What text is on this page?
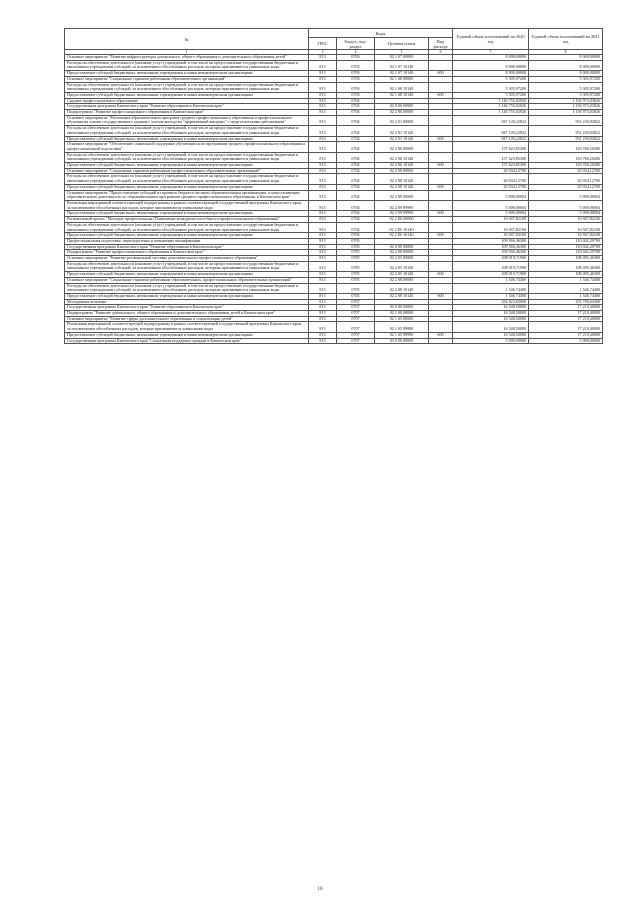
№	Коды				Годовой объем ассигнований на 2020 год	Годовой объем ассигнований на 2021 год
	ГРБС	Раздел, под-раздел	Целевая статья	Вид расхода		
1	3	4	5	6	7	8
Основное мероприятие "Развитие инфраструктуры дошкольного, общего образования и дополнительного образования детей"	813	0703	02 1 07 00000		8 000,00000	8 000,00000
Расходы на обеспечение деятельности (оказание услуг) учреждений, в том числе на предоставление государственным бюджетным и автономным учреждениям субсидий, за исключением обособленных расходов, которым присваиваются уникальные коды	813	0703	02 1 07 10140		8 000,00000	8 000,00000
Предоставление субсидий бюджетным, автономным учреждениям и иным некоммерческим организациям	813	0703	02 1 07 10140	600	8 000,00000	8 000,00000
Основное мероприятие "Социальные гарантии работникам образовательных организаций"	813	0703	02 1 08 00000		5 305,97200	5 305,97200
Расходы на обеспечение деятельности (оказание услуг) учреждений, в том числе на предоставление государственным бюджетным и автономным учреждениям субсидий, за исключением обособленных расходов, которым присваиваются уникальные коды	813	0703	02 1 08 10140		5 305,97200	5 305,97200
Предоставление субсидий бюджетным, автономным учреждениям и иным некоммерческим организациям	813	0703	02 1 08 10140	600	5 305,97200	5 305,97200
Среднее профессиональное образование	813	0704			1 146 755,02926	1 156 973,03826
Государственная программа Камчатского края "Развитие образования в Камчатском крае"	813	0704	02 0 00 00000		1 146 755,02926	1 156 973,03826
Подпрограмма "Развитие профессионального образования в Камчатском крае"	813	0704	02 2 00 00000		1 146 755,02926	1 156 973,03826
Основное мероприятие "Реализация образовательных программ среднего профессионального образования и профессионального обучения на основе государственного задания с учетом выхода на "эффективный контракт" с педагогическими работниками"	813	0704	02 2 01 00000		947 149,22822	951 230,83822
Расходы на обеспечение деятельности (оказание услуг) учреждений, в том числе на предоставление государственным бюджетным и автономным учреждениям субсидий, за исключением обособленных расходов, которым присваиваются уникальные коды	813	0704	02 2 01 10140		947 149,22822	951 230,83822
Предоставление субсидий бюджетным, автономным учреждениям и иным некоммерческим организациям	813	0704	02 2 01 10140	600	947 149,22822	951 230,83822
Основное мероприятие "Обеспечение социальной поддержки обучающихся по программам среднего профессионального образования и профессиональной подготовки"	813	0704	02 2 06 00000		157 623,85300	163 760,20200
Расходы на обеспечение деятельности (оказание услуг) учреждений, в том числе на предоставление государственным бюджетным и автономным учреждениям субсидий, за исключением обособленных расходов, которым присваиваются уникальные коды	813	0704	02 2 06 10140		157 623,85300	163 760,20200
Предоставление субсидий бюджетным, автономным учреждениям и иным некоммерческим организациям	813	0704	02 2 06 10140	600	157 623,85300	163 760,20200
Основное мероприятие "Социальные гарантии работникам профессиональных образовательных организаций"	813	0704	02 2 08 00000		20 034,12700	20 034,12700
Расходы на обеспечение деятельности (оказание услуг) учреждений, в том числе на предоставление государственным бюджетным и автономным учреждениям субсидий, за исключением обособленных расходов, которым присваиваются уникальные коды	813	0704	02 2 08 10140		20 034,12700	20 034,12700
Предоставление субсидий бюджетным, автономным учреждениям и иным некоммерческим организациям	813	0704	02 2 08 10140	600	20 034,12700	20 034,12700
Основное мероприятие "Предоставление субсидий из краевого бюджета частным образовательным организациям, осуществляющим образовательную деятельность по образовательным программам среднего профессионального образования, в Камчатском крае"	813	0704	02 2 09 00000		5 000,00004	5 000,00004
Реализация мероприятий соответствующей подпрограммы в рамках соответствующей государственной программы Камчатского края, за исключением обособленных расходов, которые присваиваются уникальные коды	813	0704	02 2 09 99990		5 000,00004	5 000,00004
Предоставление субсидий бюджетным, автономным учреждениям и иным некоммерческим организациям	813	0704	02 2 09 99990	600	5 000,00004	5 000,00004
Региональный проект "Молодые профессионалы (Повышение конкурентоспособности профессионального образования)"	813	0704	02 2 E6 00000		16 947,82100	16 947,82100
Расходы на обеспечение деятельности (оказание услуг) учреждений, в том числе на предоставление государственным бюджетным и автономным учреждениям субсидий, за исключением обособленных расходов, которым присваиваются уникальные коды	813	0704	02 2 E6 10140		16 947,82100	16 947,82100
Предоставление субсидий бюджетным, автономным учреждениям и иным некоммерческим организациям	813	0704	02 2 E6 10140	600	16 947,82100	16 947,82100
Профессиональная подготовка, переподготовка и повышение квалификации	813	0705			109 566,46300	110 042,29700
Государственная программа Камчатского края "Развитие образования в Камчатском крае"	813	0705	02 0 00 00000		109 566,46300	110 042,29700
Подпрограмма "Развитие профессионального образования в Камчатском крае"	813	0705	02 2 00 00000		109 566,46300	110 042,29700
Основное мероприятие "Развитие региональной системы дополнительного профессионального образования"	813	0705	02 2 05 00000		108 019,71900	108 495,46300
Расходы на обеспечение деятельности (оказание услуг) учреждений, в том числе на предоставление государственным бюджетным и автономным учреждениям субсидий, за исключением обособленных расходов, которым присваиваются уникальные коды	813	0705	02 2 05 10140		108 019,71900	108 495,46300
Предоставление субсидий бюджетным, автономным учреждениям и иным некоммерческим организациям	813	0705	02 2 05 10140	600	108 019,71900	108 495,46300
Основное мероприятие "Социальные гарантии работникам образовательных, профессиональных образовательных организаций"	813	0705	02 2 08 00000		1 546,74400	1 546,74400
Расходы на обеспечение деятельности (оказание услуг) учреждений, в том числе на предоставление государственным бюджетным и автономным учреждениям субсидий, за исключением обособленных расходов, которым присваиваются уникальные коды	813	0705	02 2 08 10140		1 546,74400	1 546,74400
Предоставление субсидий бюджетным, автономным учреждениям и иным некоммерческим организациям	813	0705	02 2 08 10140	600	1 546,74400	1 546,74400
Молодежная политика	813	0707			254 823,83900	255 790,64300
Государственная программа Камчатского края "Развитие образования в Камчатском крае"	813	0707	02 0 00 00000		16 548,50000	17 210,40000
Подпрограмма "Развитие дошкольного, общего образования и дополнительного образования детей в Камчатском крае"	813	0707	02 1 00 00000		16 548,50000	17 210,40000
Основное мероприятие "Развитие сферы дополнительного образования и социализации детей"	813	0707	02 1 05 00000		16 548,50000	17 210,40000
Реализация мероприятий соответствующей подпрограммы в рамках соответствующей государственной программы Камчатского края, за исключением обособленных расходов, которые присваиваются уникальные коды	813	0707	02 1 05 99990		16 548,50000	17 210,40000
Предоставление субсидий бюджетным, автономным учреждениям и иным некоммерческим организациям	813	0707	02 1 05 99990	600	16 548,50000	17 210,40000
Государственная программа Камчатского края "Социальная поддержка граждан в Камчатском крае"	813	0707	03 0 00 00000		5 000,00000	5 000,00000
16
